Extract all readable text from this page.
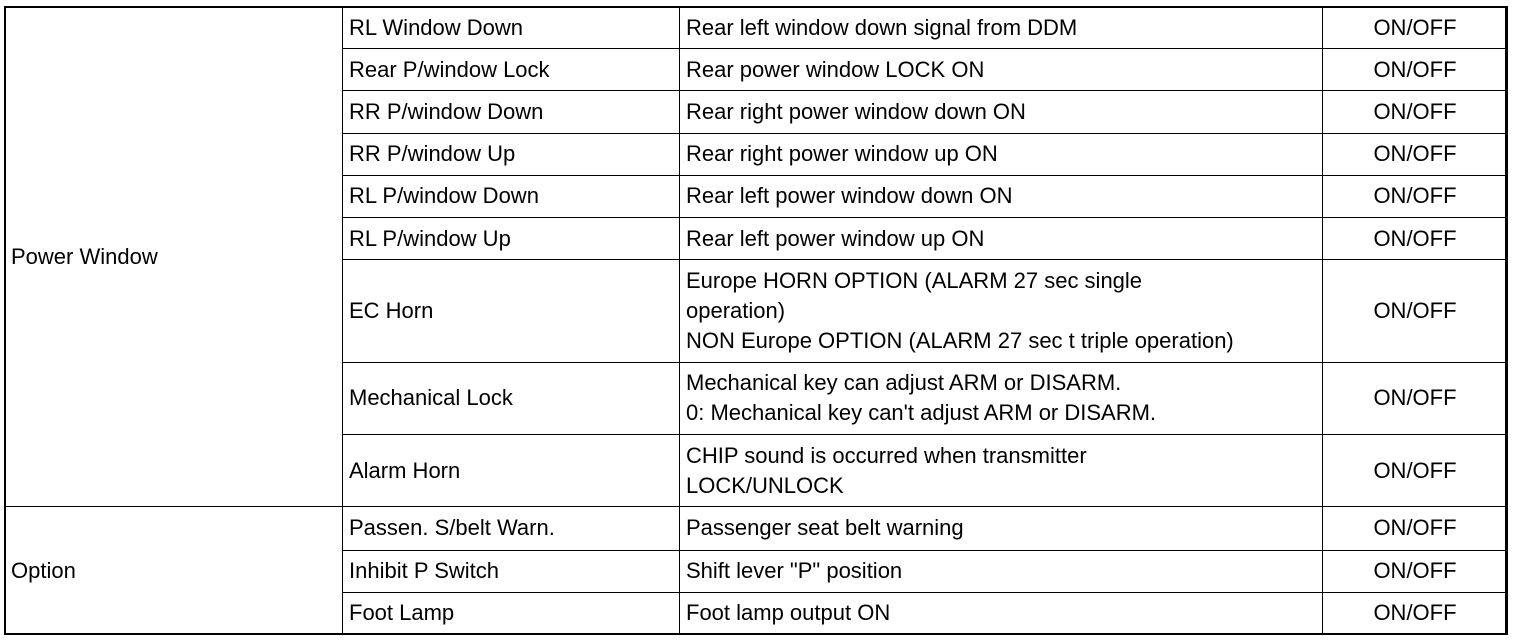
Power Window	RL Window Down	Rear left window down signal from DDM	ON/OFF
	Rear P/window Lock	Rear power window LOCK ON	ON/OFF
	RR P/window Down	Rear right power window down ON	ON/OFF
	RR P/window Up	Rear right power window up ON	ON/OFF
	RL P/window Down	Rear left power window down ON	ON/OFF
	RL P/window Up	Rear left power window up ON	ON/OFF
	EC Horn	Europe HORN OPTION (ALARM 27 sec single
operation)
NON Europe OPTION (ALARM 27 sec t triple operation)	ON/OFF
	Mechanical Lock	Mechanical key can adjust ARM or DISARM.
0: Mechanical key can't adjust ARM or DISARM.	ON/OFF
	Alarm Horn	CHIP sound is occurred when transmitter
LOCK/UNLOCK	ON/OFF
Option	Passen. S/belt Warn.	Passenger seat belt warning	ON/OFF
	Inhibit P Switch	Shift lever "P" position	ON/OFF
	Foot Lamp	Foot lamp output ON	ON/OFF
